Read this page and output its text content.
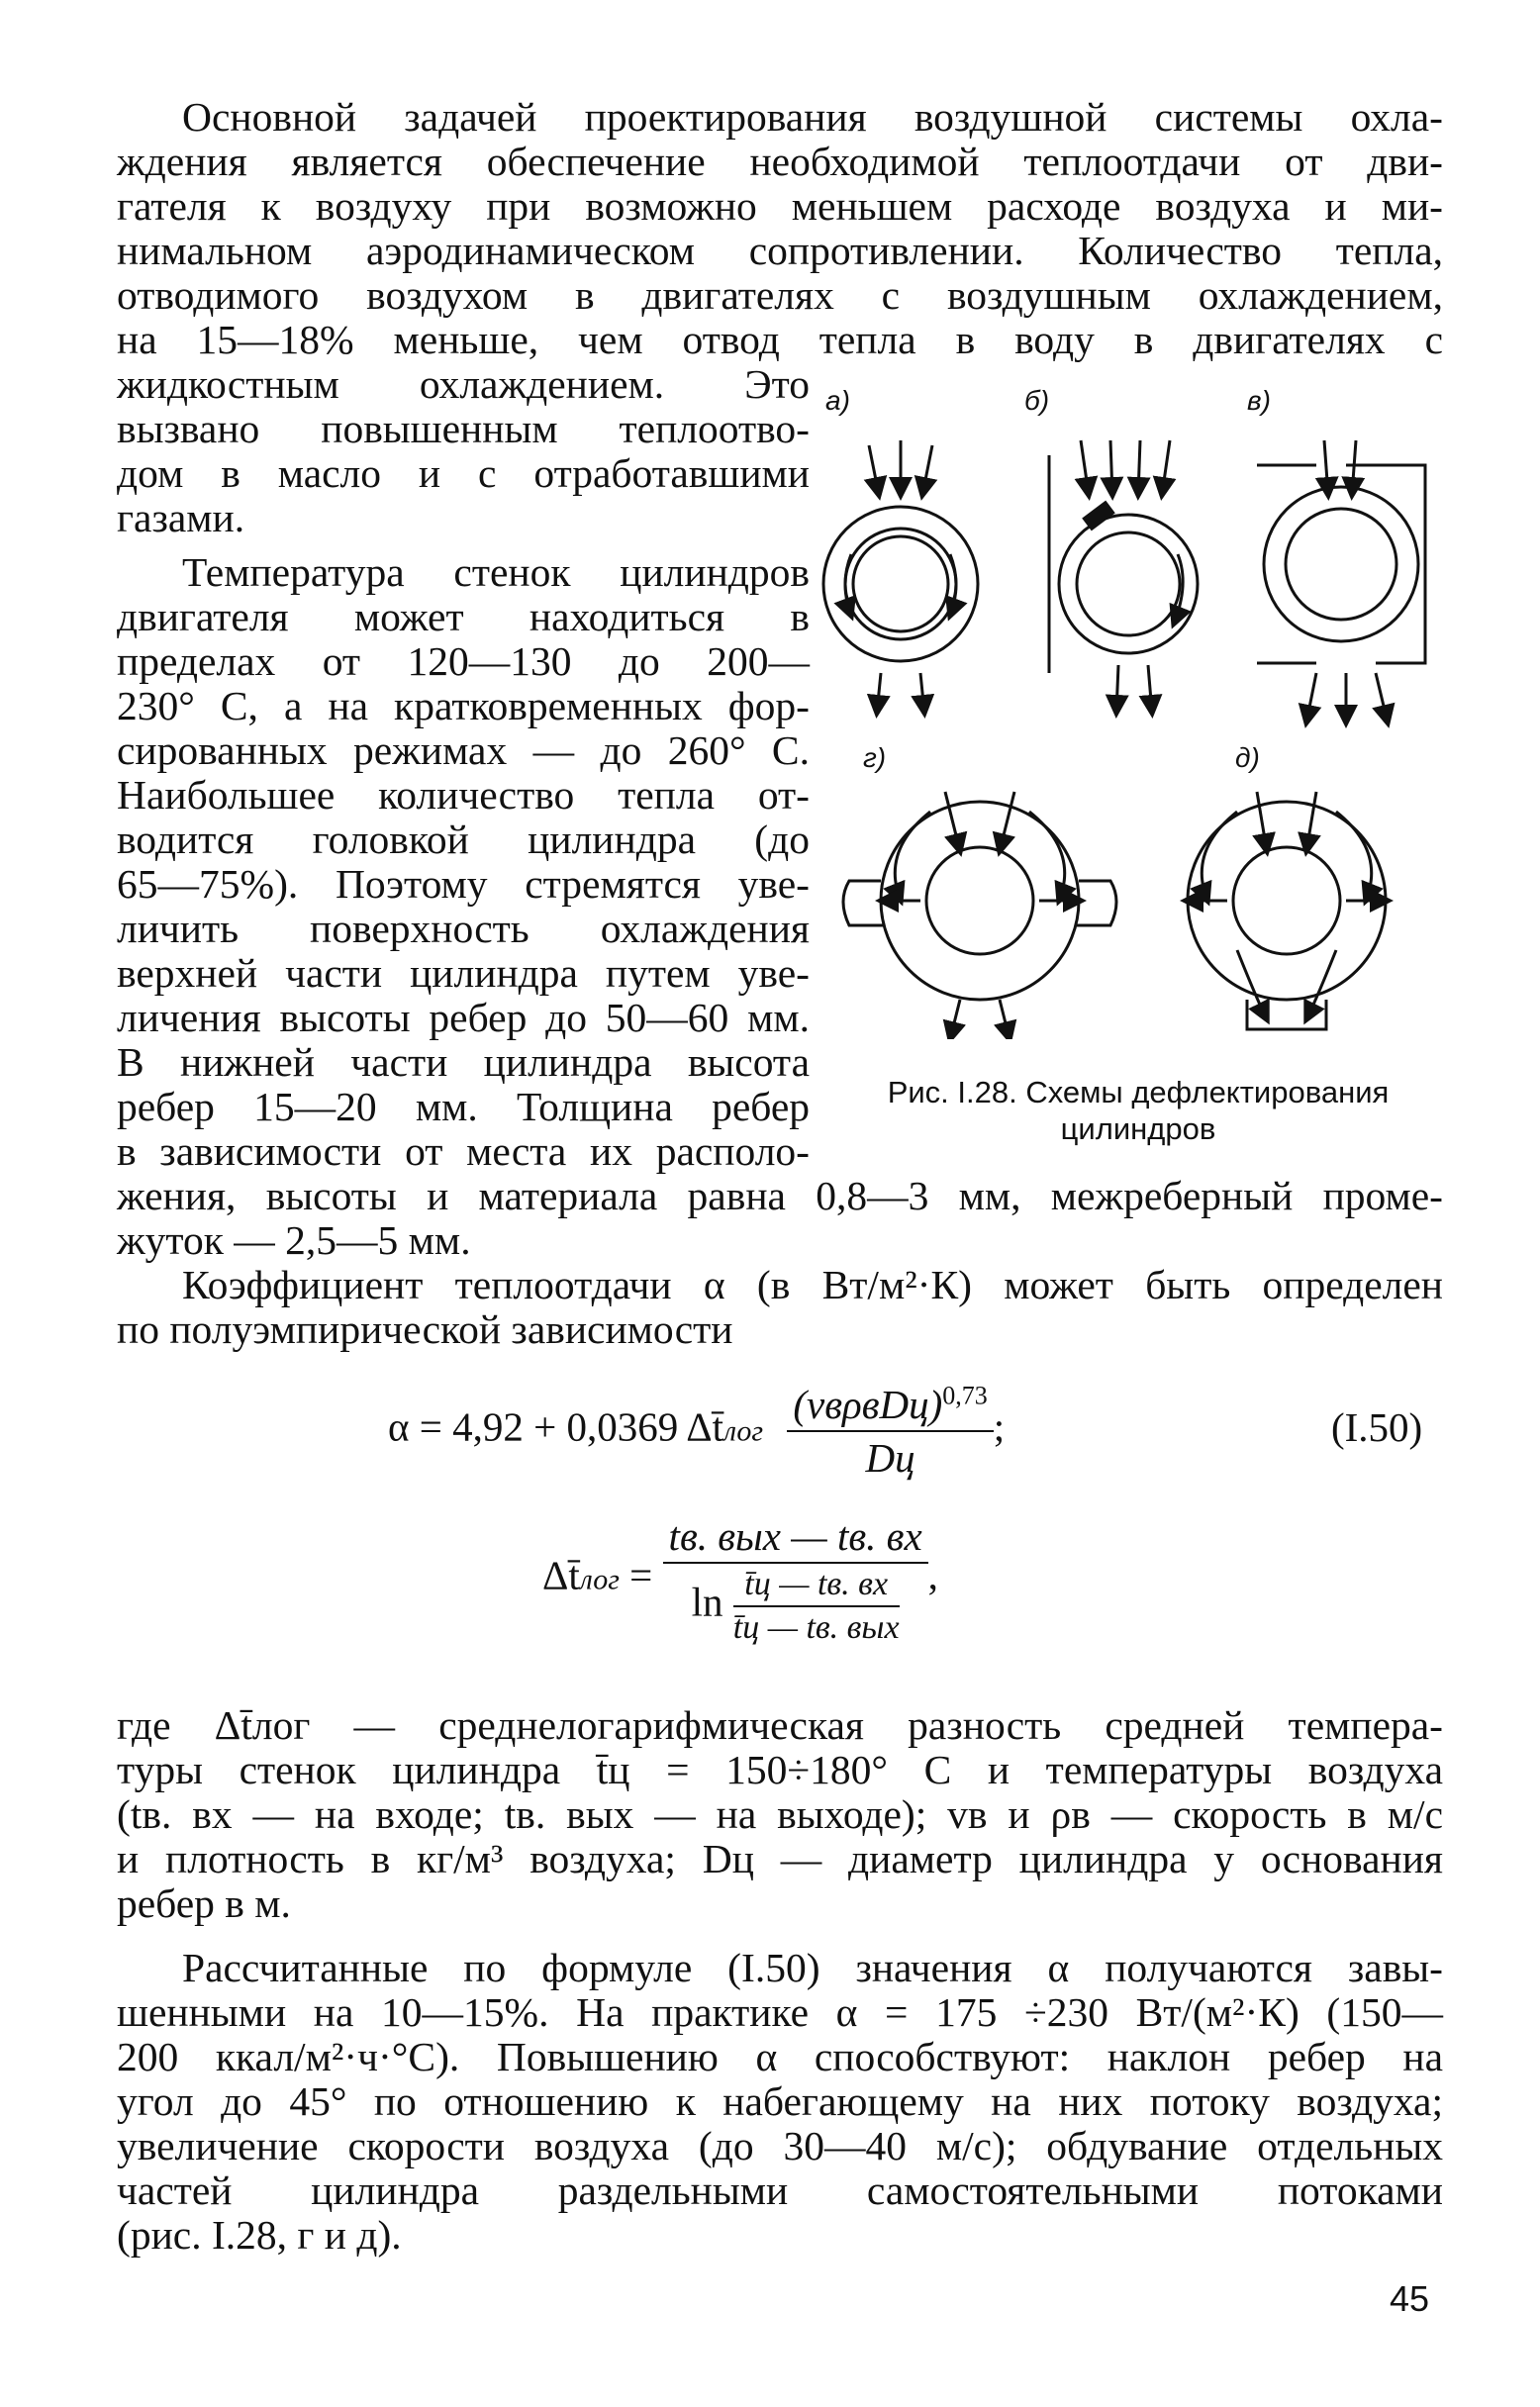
Основной задачей проектирования воздушной системы охла-
ждения является обеспечение необходимой теплоотдачи от дви-
гателя к воздуху при возможно меньшем расходе воздуха и ми-
нимальном аэродинамическом сопротивлении. Количество тепла,
отводимого воздухом в двигателях с воздушным охлаждением,
на 15—18% меньше, чем отвод тепла в воду в двигателях с
жидкостным охлаждением. Это
вызвано повышенным теплоотво-
дом в масло и с отработавшими
газами.
Температура стенок цилиндров
двигателя может находиться в
пределах от 120—130 до 200—
230° С, а на кратковременных фор-
сированных режимах — до 260° С.
Наибольшее количество тепла от-
водится головкой цилиндра (до
65—75%). Поэтому стремятся уве-
личить поверхность охлаждения
верхней части цилиндра путем уве-
личения высоты ребер до 50—60 мм.
В нижней части цилиндра высота
ребер 15—20 мм. Толщина ребер
в зависимости от места их располо-
жения, высоты и материала равна 0,8—3 мм, межреберный проме-
жуток — 2,5—5 мм.
а)	б)	в)
г)	д)
Рис. I.28. Схемы дефлектирования
цилиндров
Коэффициент теплоотдачи α (в Вт/м²·К) может быть определен
по полуэмпирической зависимости
α = 4,92 + 0,0369 Δt̄лог $\frac{(vв\rho вDц)^{0,73}}{Dц}$ ;	(I.50)
Δt̄лог = $\frac{\text{tв. вых — tв. вх}}{\ln \frac{t̄ц — tв. вх}{\text{t̄ц — tв. вых}}}$ ,
где Δt̄лог — среднелогарифмическая разность средней темпера-
туры стенок цилиндра t̄ц = 150÷180° С и температуры воздуха
(tв. вх — на входе; tв. вых — на выходе); vв и ρв — скорость в м/с
и плотность в кг/м³ воздуха; Dц — диаметр цилиндра у основания
ребер в м.
Рассчитанные по формуле (I.50) значения α получаются завы-
шенными на 10—15%. На практике α = 175 ÷230 Вт/(м²·К) (150—
200 ккал/м²·ч·°С). Повышению α способствуют: наклон ребер на
угол до 45° по отношению к набегающему на них потоку воздуха;
увеличение скорости воздуха (до 30—40 м/с); обдувание отдельных
частей цилиндра раздельными самостоятельными потоками
(рис. I.28, г и д).
45
